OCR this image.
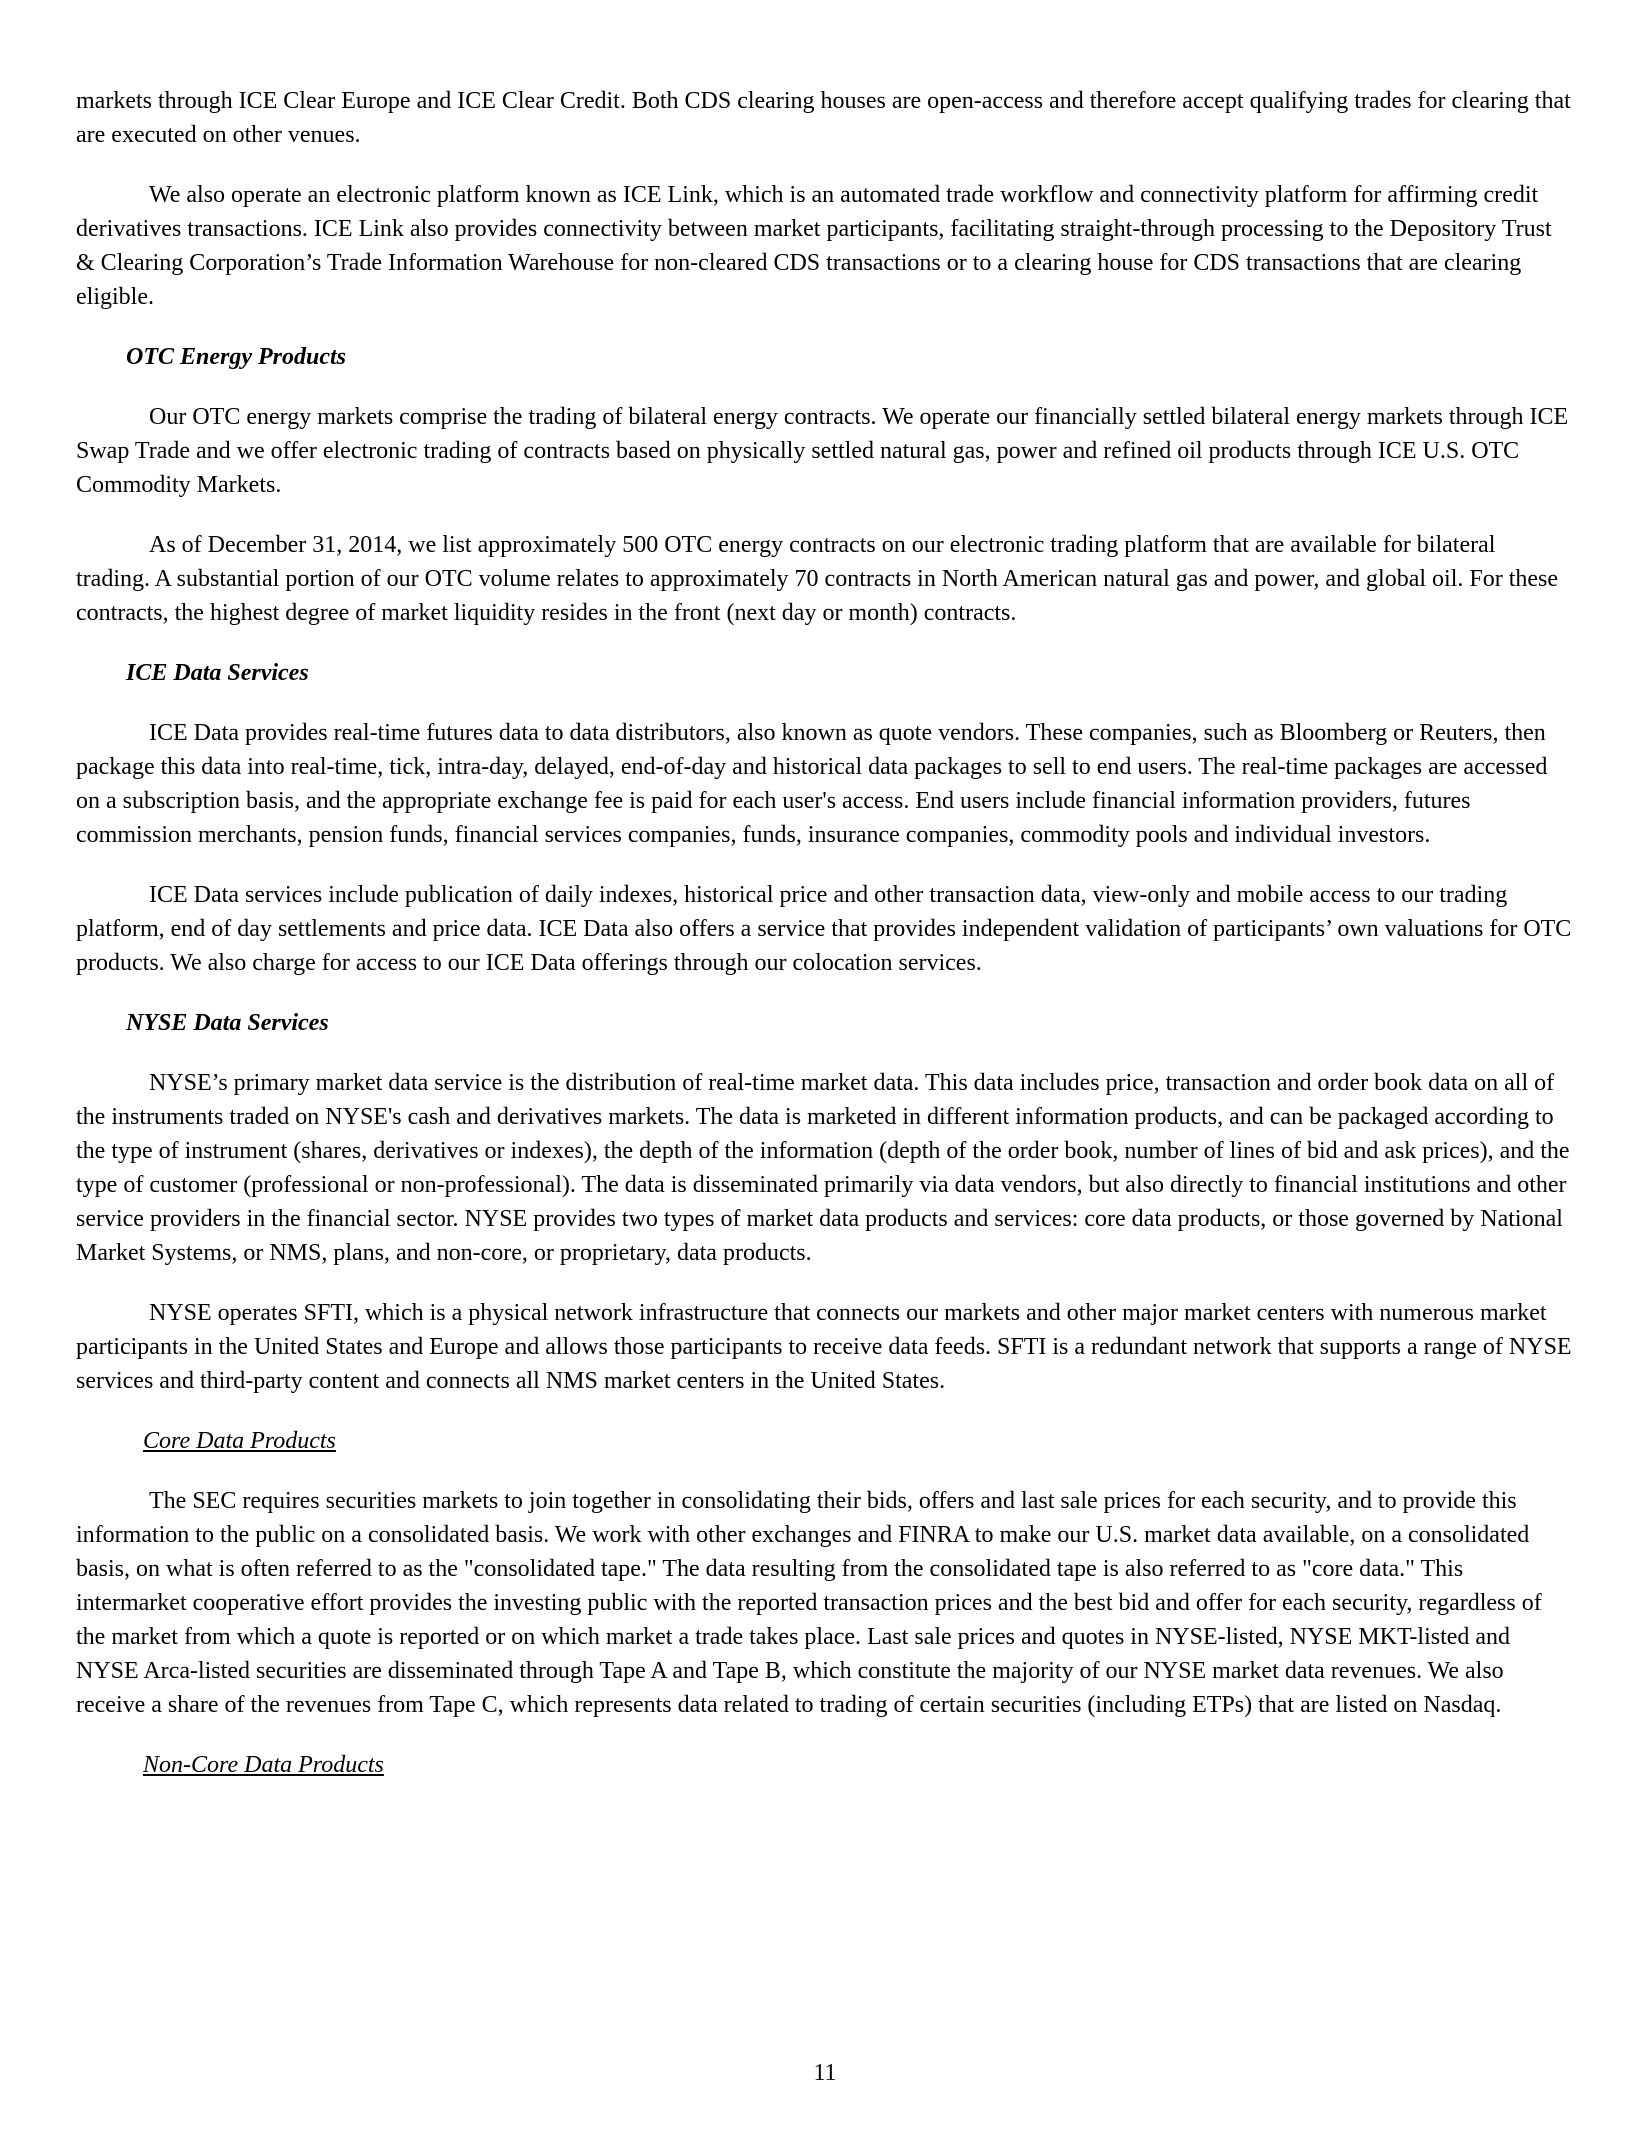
markets through ICE Clear Europe and ICE Clear Credit. Both CDS clearing houses are open-access and therefore accept qualifying trades for clearing that are executed on other venues.
We also operate an electronic platform known as ICE Link, which is an automated trade workflow and connectivity platform for affirming credit derivatives transactions. ICE Link also provides connectivity between market participants, facilitating straight-through processing to the Depository Trust & Clearing Corporation’s Trade Information Warehouse for non-cleared CDS transactions or to a clearing house for CDS transactions that are clearing eligible.
OTC Energy Products
Our OTC energy markets comprise the trading of bilateral energy contracts. We operate our financially settled bilateral energy markets through ICE Swap Trade and we offer electronic trading of contracts based on physically settled natural gas, power and refined oil products through ICE U.S. OTC Commodity Markets.
As of December 31, 2014, we list approximately 500 OTC energy contracts on our electronic trading platform that are available for bilateral trading. A substantial portion of our OTC volume relates to approximately 70 contracts in North American natural gas and power, and global oil. For these contracts, the highest degree of market liquidity resides in the front (next day or month) contracts.
ICE Data Services
ICE Data provides real-time futures data to data distributors, also known as quote vendors. These companies, such as Bloomberg or Reuters, then package this data into real-time, tick, intra-day, delayed, end-of-day and historical data packages to sell to end users. The real-time packages are accessed on a subscription basis, and the appropriate exchange fee is paid for each user's access. End users include financial information providers, futures commission merchants, pension funds, financial services companies, funds, insurance companies, commodity pools and individual investors.
ICE Data services include publication of daily indexes, historical price and other transaction data, view-only and mobile access to our trading platform, end of day settlements and price data. ICE Data also offers a service that provides independent validation of participants’ own valuations for OTC products. We also charge for access to our ICE Data offerings through our colocation services.
NYSE Data Services
NYSE’s primary market data service is the distribution of real-time market data. This data includes price, transaction and order book data on all of the instruments traded on NYSE's cash and derivatives markets. The data is marketed in different information products, and can be packaged according to the type of instrument (shares, derivatives or indexes), the depth of the information (depth of the order book, number of lines of bid and ask prices), and the type of customer (professional or non-professional). The data is disseminated primarily via data vendors, but also directly to financial institutions and other service providers in the financial sector. NYSE provides two types of market data products and services: core data products, or those governed by National Market Systems, or NMS, plans, and non-core, or proprietary, data products.
NYSE operates SFTI, which is a physical network infrastructure that connects our markets and other major market centers with numerous market participants in the United States and Europe and allows those participants to receive data feeds. SFTI is a redundant network that supports a range of NYSE services and third-party content and connects all NMS market centers in the United States.
Core Data Products
The SEC requires securities markets to join together in consolidating their bids, offers and last sale prices for each security, and to provide this information to the public on a consolidated basis. We work with other exchanges and FINRA to make our U.S. market data available, on a consolidated basis, on what is often referred to as the "consolidated tape." The data resulting from the consolidated tape is also referred to as "core data." This intermarket cooperative effort provides the investing public with the reported transaction prices and the best bid and offer for each security, regardless of the market from which a quote is reported or on which market a trade takes place. Last sale prices and quotes in NYSE-listed, NYSE MKT-listed and NYSE Arca-listed securities are disseminated through Tape A and Tape B, which constitute the majority of our NYSE market data revenues. We also receive a share of the revenues from Tape C, which represents data related to trading of certain securities (including ETPs) that are listed on Nasdaq.
Non-Core Data Products
11
